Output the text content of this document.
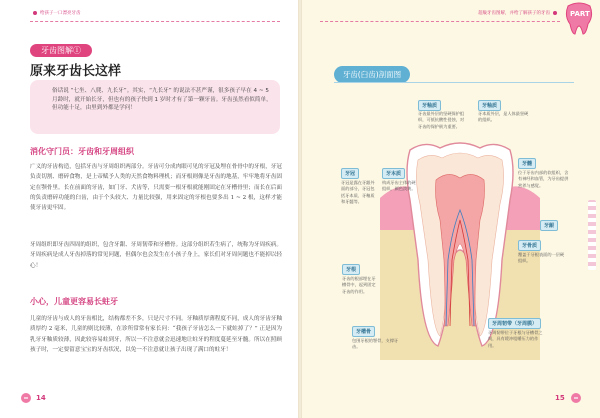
给孩子一口漂亮牙齿	超級牙齿图解，并给了解孩子的牙齿	PART
牙齿图解①
原来牙齿长这样
俗话说 “七坐、八爬、九长牙”。其实，“九长牙” 的说法不甚严谨，很多孩子早在 4 ~ 5 月龄时，就开始长牙，但也有的孩子快到 1 岁时才有了第一颗牙齿。牙齿虽然看似简单，但功能十足，由里到外都是学问！
消化守门员：牙齿和牙周组织
广义的牙齿构造，包括牙齿与牙周组织两部分。牙齿可分成肉眼可见的牙冠及埋在骨骨中的牙根，牙冠负责切割、磨碎食物，是上帝赋予人类的天然食物料理机；而牙根则像是牙齿的地基，牢牢地将牙齿固定在颚骨里。长在前面的牙齿，如门牙、犬齿等，只需要一根牙根就能刚固定在牙槽骨里；而长在后面的负责磨碎功能的臼齿，由于个头较大、力量比较强，用来固定的牙根也要多出 1 ~ 2 根，这样才能使牙齿更牢固。
牙周组织即牙齿四周的组织，包含牙龈、牙周韧带和牙槽骨。这部分组织若生病了，统称为牙周疾病。牙周疾病是成人牙齿掉落的常见问题，但偶尔也会发生在小孩子身上，家长们对牙周问题也不能掉以轻心！
小心，儿童更容易长蛀牙
儿童的牙齿与成人的牙齿相比，结构都差不多，只是尺寸不同。牙釉质厚薄程度不同，成人的牙齿牙釉质厚约 2 毫米，儿童的则比较薄，在诊所常常有家长问：“我孩子牙齿怎么一下就蛀掉了？” 正是因为乳牙牙釉质较薄，因此较容易蛀到牙，所以一不注意就会迅速地让蛀牙的程度蔓延至牙髓。所以在照顾孩子时，一定要留意宝宝的牙齿状况，以免一不注意就让孩子出现了满口的蛀牙！
14
牙齿(臼齿)剖面图
牙釉质
牙齿最外层的坚硬保护组织，可抵抗酸性侵蚀，对牙齿的保护极为重要。
牙釉质
牙本质外层，是人体最坚硬的组织。
牙冠
牙冠是露在牙龈外面的部分，牙冠包括牙本质、牙釉质和牙髓等。
牙本质
构成牙齿主体的硬组织，颜色淡黄。
牙髓
位于牙齿内部的软组织，含有神经和血管，为牙齿提供营养与感觉。
牙骨质
覆盖于牙根表面的一层硬组织。
牙根
牙齿的根部埋在牙槽骨中，起到固定牙齿的作用。
牙槽骨
包围牙根的颚骨，支撑牙齿。
牙周韧带（牙周膜）
牙周韧带位于牙根与牙槽骨之间，具有缓冲咀嚼压力的作用。
牙龈
15
